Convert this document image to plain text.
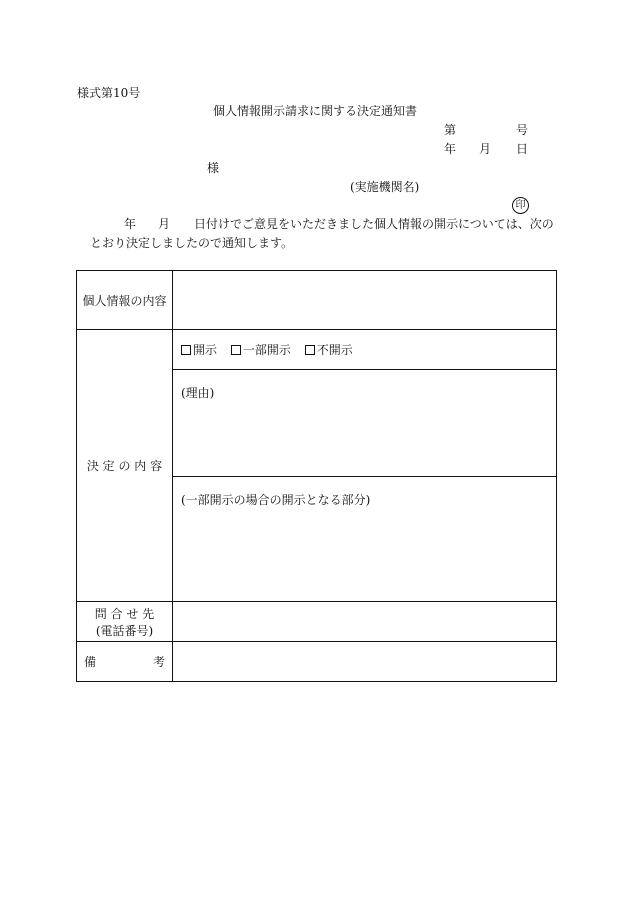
様式第10号
個人情報開示請求に関する決定通知書
第	号
年 月 日
様
(実施機関名)
印
年 月 日付けでご意見をいただきました個人情報の開示については、次の
とおり決定しましたので通知します。
個人情報の内容	
決 定 の 内 容	開示 一部開示 不開示

	(理由)

	(一部開示の場合の開示となる部分)

問 合 せ 先
(電話番号)	

備 考	
